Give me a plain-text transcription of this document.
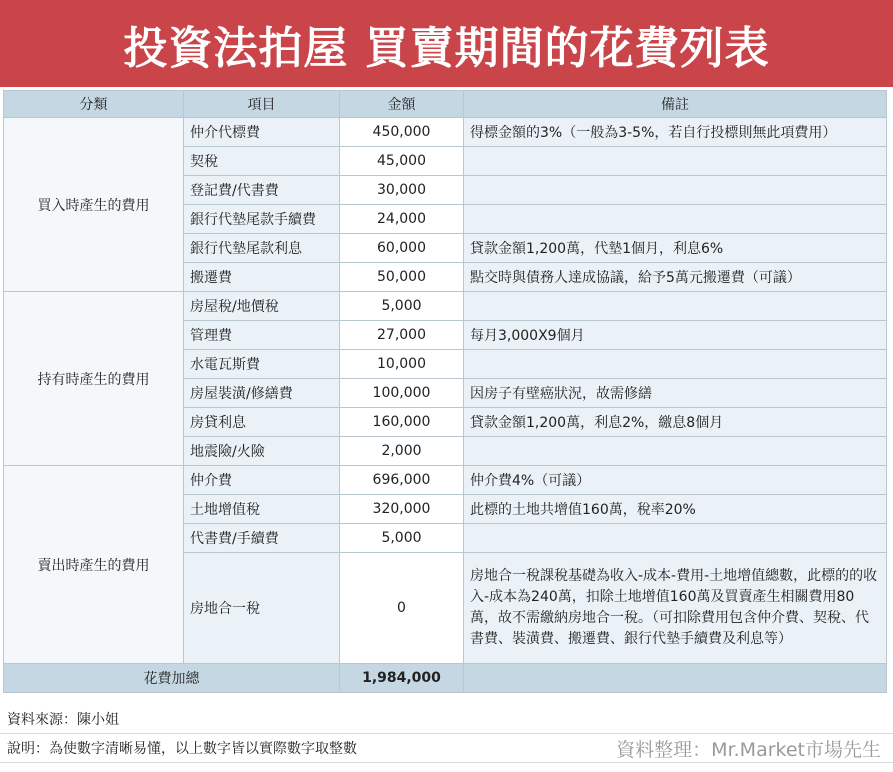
投資法拍屋 買賣期間的花費列表
分類	項目	金額	備註
買入時產生的費用	仲介代標費	450,000	得標金額的3%（一般為3-5%，若自行投標則無此項費用）
	契稅	45,000	
	登記費/代書費	30,000	
	銀行代墊尾款手續費	24,000	
	銀行代墊尾款利息	60,000	貸款金額1,200萬，代墊1個月，利息6%
	搬遷費	50,000	點交時與債務人達成協議，給予5萬元搬遷費（可議）
持有時產生的費用	房屋稅/地價稅	5,000	
	管理費	27,000	每月3,000X9個月
	水電瓦斯費	10,000	
	房屋裝潢/修繕費	100,000	因房子有壁癌狀況，故需修繕
	房貸利息	160,000	貸款金額1,200萬，利息2%，繳息8個月
	地震險/火險	2,000	
賣出時產生的費用	仲介費	696,000	仲介費4%（可議）
	土地增值稅	320,000	此標的土地共增值160萬，稅率20%
	代書費/手續費	5,000	
	房地合一稅	0	房地合一稅課稅基礎為收入-成本-費用-土地增值總數，此標的的收入-成本為240萬，扣除土地增值160萬及買賣產生相關費用80萬，故不需繳納房地合一稅。（可扣除費用包含仲介費、契稅、代書費、裝潢費、搬遷費、銀行代墊手續費及利息等）
花費加總		1,984,000	
資料來源：陳小姐
說明：為使數字清晰易懂，以上數字皆以實際數字取整數	資料整理：Mr.Market市場先生
